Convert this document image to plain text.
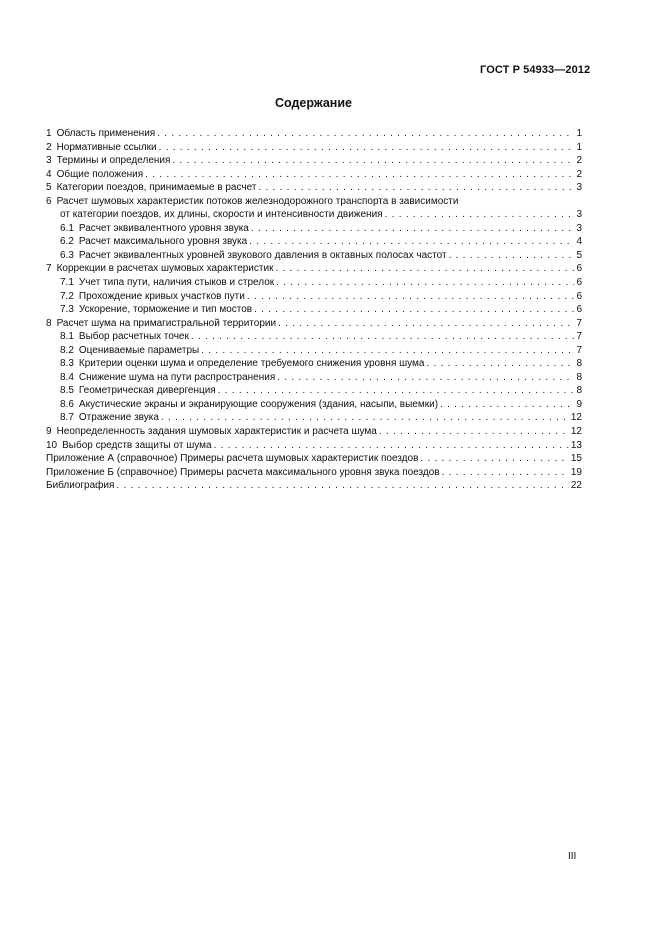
ГОСТ Р 54933—2012
Содержание
1 Область применения . . .	1
2 Нормативные ссылки . . .	1
3 Термины и определения . . .	2
4 Общие положения . . .	2
5 Категории поездов, принимаемые в расчет . . .	3
6 Расчет шумовых характеристик потоков железнодорожного транспорта в зависимости
от категории поездов, их длины, скорости и интенсивности движения . . .	3
6.1 Расчет эквивалентного уровня звука . . .	3
6.2 Расчет максимального уровня звука . . .	4
6.3 Расчет эквивалентных уровней звукового давления в октавных полосах частот . . .	5
7 Коррекции в расчетах шумовых характеристик . . .	6
7.1 Учет типа пути, наличия стыков и стрелок . . .	6
7.2 Прохождение кривых участков пути . . .	6
7.3 Ускорение, торможение и тип мостов . . .	6
8 Расчет шума на примагистральной территории . . .	7
8.1 Выбор расчетных точек . . .	7
8.2 Оцениваемые параметры . . .	7
8.3 Критерии оценки шума и определение требуемого снижения уровня шума . . .	8
8.4 Снижение шума на пути распространения . . .	8
8.5 Геометрическая дивергенция . . .	8
8.6 Акустические экраны и экранирующие сооружения (здания, насыпи, выемки) . . .	9
8.7 Отражение звука . . .	12
9 Неопределенность задания шумовых характеристик и расчета шума . . .	12
10 Выбор средств защиты от шума . . .	13
Приложение А (справочное) Примеры расчета шумовых характеристик поездов . . .	15
Приложение Б (справочное) Примеры расчета максимального уровня звука поездов . . .	19
Библиография . . .	22
III
